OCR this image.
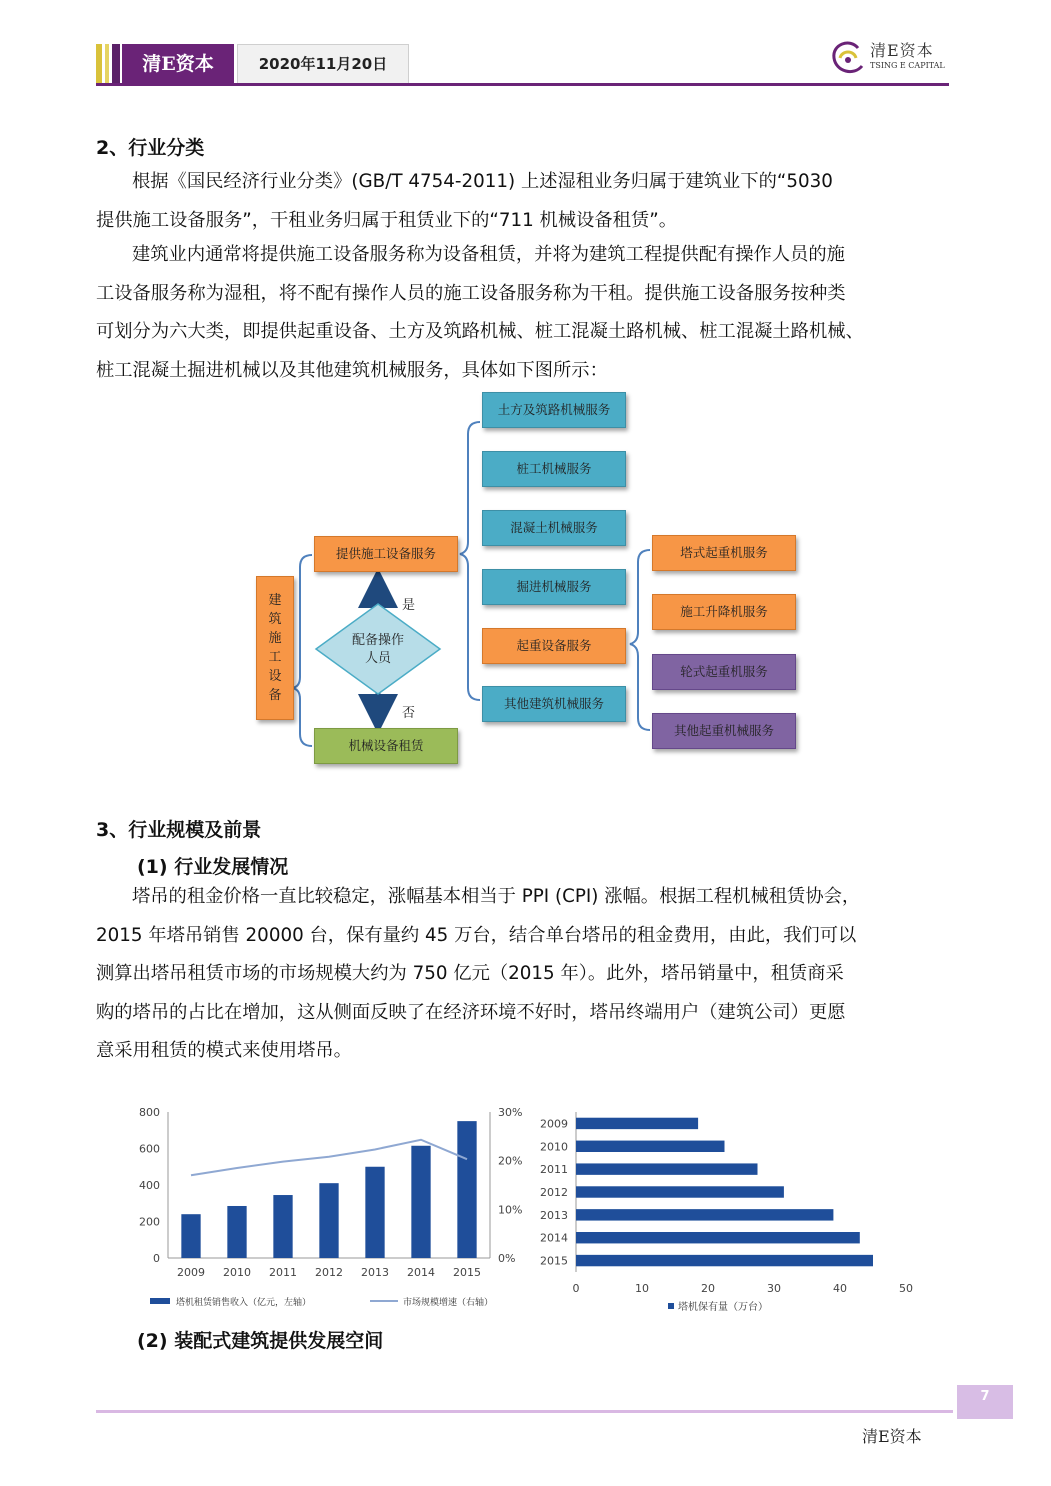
清E资本	2020年11月20日
清E资本
TSING E CAPITAL
2、行业分类
根据《国民经济行业分类》(GB/T 4754-2011) 上述湿租业务归属于建筑业下的“5030
提供施工设备服务”，干租业务归属于租赁业下的“711 机械设备租赁”。
建筑业内通常将提供施工设备服务称为设备租赁，并将为建筑工程提供配有操作人员的施
工设备服务称为湿租，将不配有操作人员的施工设备服务称为干租。提供施工设备服务按种类
可划分为六大类，即提供起重设备、土方及筑路机械、桩工混凝土路机械、桩工混凝土路机械、
桩工混凝土掘进机械以及其他建筑机械服务，具体如下图所示：
建筑施工设备
配备操作人员
是
否
提供施工设备服务
机械设备租赁
土方及筑路机械服务
桩工机械服务
混凝土机械服务
掘进机械服务
起重设备服务
其他建筑机械服务
塔式起重机服务
施工升降机服务
轮式起重机服务
其他起重机械服务
3、行业规模及前景
(1) 行业发展情况
塔吊的租金价格一直比较稳定，涨幅基本相当于 PPI (CPI) 涨幅。根据工程机械租赁协会，
2015 年塔吊销售 20000 台，保有量约 45 万台，结合单台塔吊的租金费用，由此，我们可以
测算出塔吊租赁市场的市场规模大约为 750 亿元（2015 年）。此外，塔吊销量中，租赁商采
购的塔吊的占比在增加，这从侧面反映了在经济环境不好时，塔吊终端用户（建筑公司）更愿
意采用租赁的模式来使用塔吊。
0
200
400
600
800
0%
10%
20%
30%
2009 2010 2011 2012 2013 2014 2015
塔机租赁销售收入（亿元，左轴）	市场规模增速（右轴）
2009
2010
2011
2012
2013
2014
2015
0	10	20	30	40	50
塔机保有量（万台）
(2) 装配式建筑提供发展空间
清E资本
7
